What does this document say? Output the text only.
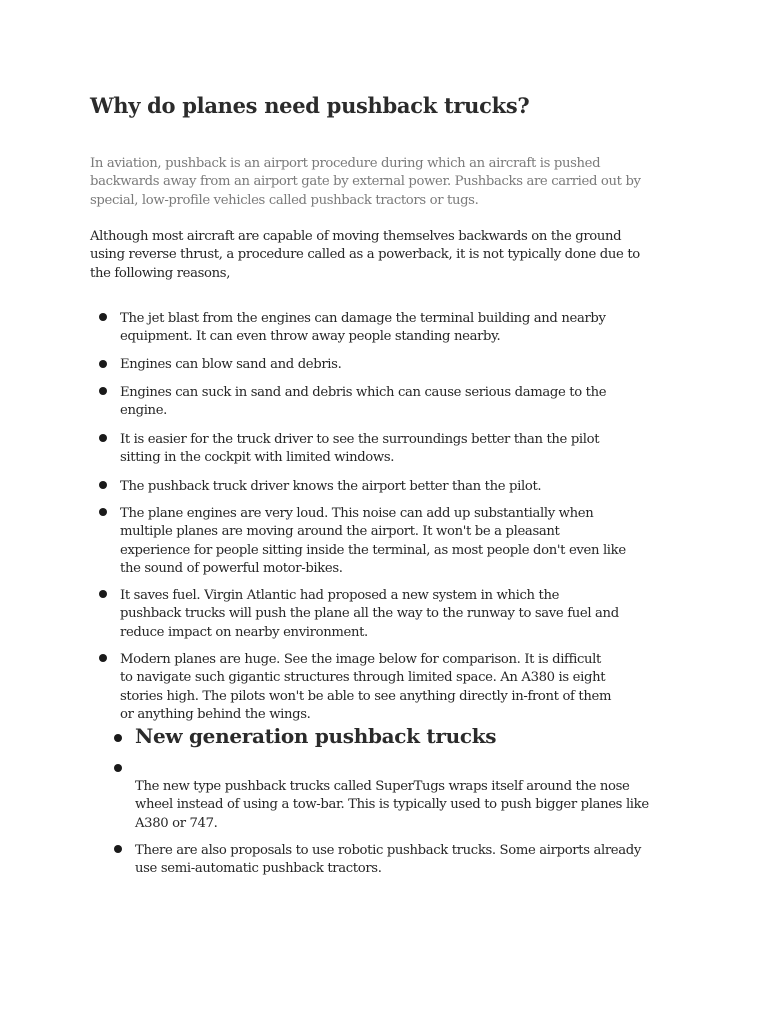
Why do planes need pushback trucks?

In aviation, pushback is an airport procedure during which an aircraft is pushed
backwards away from an airport gate by external power. Pushbacks are carried out by
special, low-profile vehicles called pushback tractors or tugs.

Although most aircraft are capable of moving themselves backwards on the ground
using reverse thrust, a procedure called as a powerback, it is not typically done due to
the following reasons,

The jet blast from the engines can damage the terminal building and nearby
equipment. It can even throw away people standing nearby.

Engines can blow sand and debris.

Engines can suck in sand and debris which can cause serious damage to the
engine.

It is easier for the truck driver to see the surroundings better than the pilot
sitting in the cockpit with limited windows.

The pushback truck driver knows the airport better than the pilot.

The plane engines are very loud. This noise can add up substantially when
multiple planes are moving around the airport. It won't be a pleasant
experience for people sitting inside the terminal, as most people don't even like
the sound of powerful motor-bikes.

It saves fuel. Virgin Atlantic had proposed a new system in which the
pushback trucks will push the plane all the way to the runway to save fuel and
reduce impact on nearby environment.

Modern planes are huge. See the image below for comparison. It is difficult
to navigate such gigantic structures through limited space. An A380 is eight
stories high. The pilots won't be able to see anything directly in-front of them
or anything behind the wings.

New generation pushback trucks

The new type pushback trucks called SuperTugs wraps itself around the nose
wheel instead of using a tow-bar. This is typically used to push bigger planes like
A380 or 747.

There are also proposals to use robotic pushback trucks. Some airports already
use semi-automatic pushback tractors.
